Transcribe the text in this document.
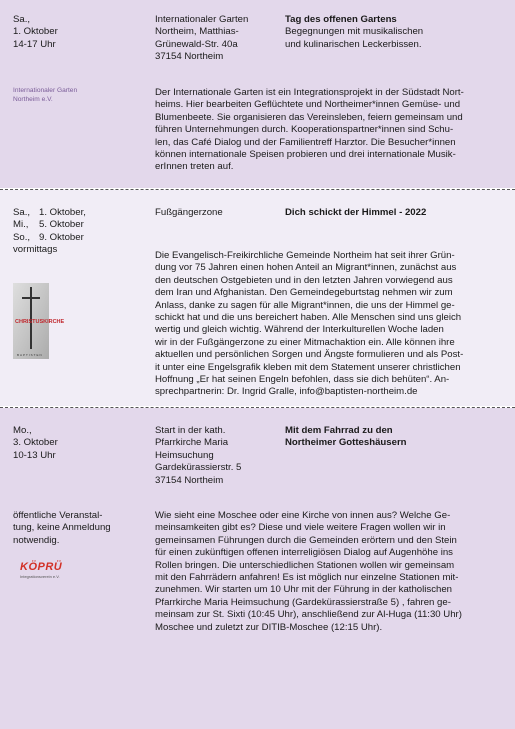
Sa.,
1. Oktober
14-17 Uhr
Internationaler Garten
Northeim, Matthias-
Grünewald-Str. 40a
37154 Northeim
Tag des offenen Gartens
Begegnungen mit musikalischen
und kulinarischen Leckerbissen.
Internationaler Garten
Northeim e.V.
Der Internationale Garten ist ein Integrationsprojekt in der Südstadt Nort-
heims. Hier bearbeiten Geflüchtete und Northeimer*innen Gemüse- und
Blumenbeete. Sie organisieren das Vereinsleben, feiern gemeinsam und
führen Unternehmungen durch. Kooperationspartner*innen sind Schu-
len, das Café Dialog und der Familientreff Harztor. Die Besucher*innen
können internationale Speisen probieren und drei internationale Musik-
erInnen treten auf.
Sa., 1. Oktober,
Mi.,	5. Oktober
So., 9. Oktober
vormittags
Fußgängerzone	Dich schickt der Himmel - 2022
CHRISTUSKIRCHE
BAPTISTEN
Die Evangelisch-Freikirchliche Gemeinde Northeim hat seit ihrer Grün-
dung vor 75 Jahren einen hohen Anteil an Migrant*innen, zunächst aus
den deutschen Ostgebieten und in den letzten Jahren vorwiegend aus
dem Iran und Afghanistan. Den Gemeindegeburtstag nehmen wir zum
Anlass, danke zu sagen für alle Migrant*innen, die uns der Himmel ge-
schickt hat und die uns bereichert haben. Alle Menschen sind uns gleich
wertig und gleich wichtig. Während der Interkulturellen Woche laden
wir in der Fußgängerzone zu einer Mitmachaktion ein. Alle können ihre
aktuellen und persönlichen Sorgen und Ängste formulieren und als Post-
it unter eine Engelsgrafik kleben mit dem Statement unserer christlichen
Hoffnung „Er hat seinen Engeln befohlen, dass sie dich behüten“. An-
sprechpartnerin: Dr. Ingrid Gralle, info@baptisten-northeim.de
Mo.,
3. Oktober
10-13 Uhr
Start in der kath.
Pfarrkirche Maria
Heimsuchung
Gardekürassierstr. 5
37154 Northeim
Mit dem Fahrrad zu den
Northeimer Gotteshäusern
öffentliche Veranstal-
tung, keine Anmeldung
notwendig.
KÖPRÜ
Integrationsverein e.V.
Wie sieht eine Moschee oder eine Kirche von innen aus? Welche Ge-
meinsamkeiten gibt es? Diese und viele weitere Fragen wollen wir in
gemeinsamen Führungen durch die Gemeinden erörtern und den Stein
für einen zukünftigen offenen interreligiösen Dialog auf Augenhöhe ins
Rollen bringen. Die unterschiedlichen Stationen wollen wir gemeinsam
mit den Fahrrädern anfahren! Es ist möglich nur einzelne Stationen mit-
zunehmen. Wir starten um 10 Uhr mit der Führung in der katholischen
Pfarrkirche Maria Heimsuchung (Gardekürassierstraße 5) , fahren ge-
meinsam zur St. Sixti (10:45 Uhr), anschließend zur Al-Huga (11:30 Uhr)
Moschee und zuletzt zur DITIB-Moschee (12:15 Uhr).
